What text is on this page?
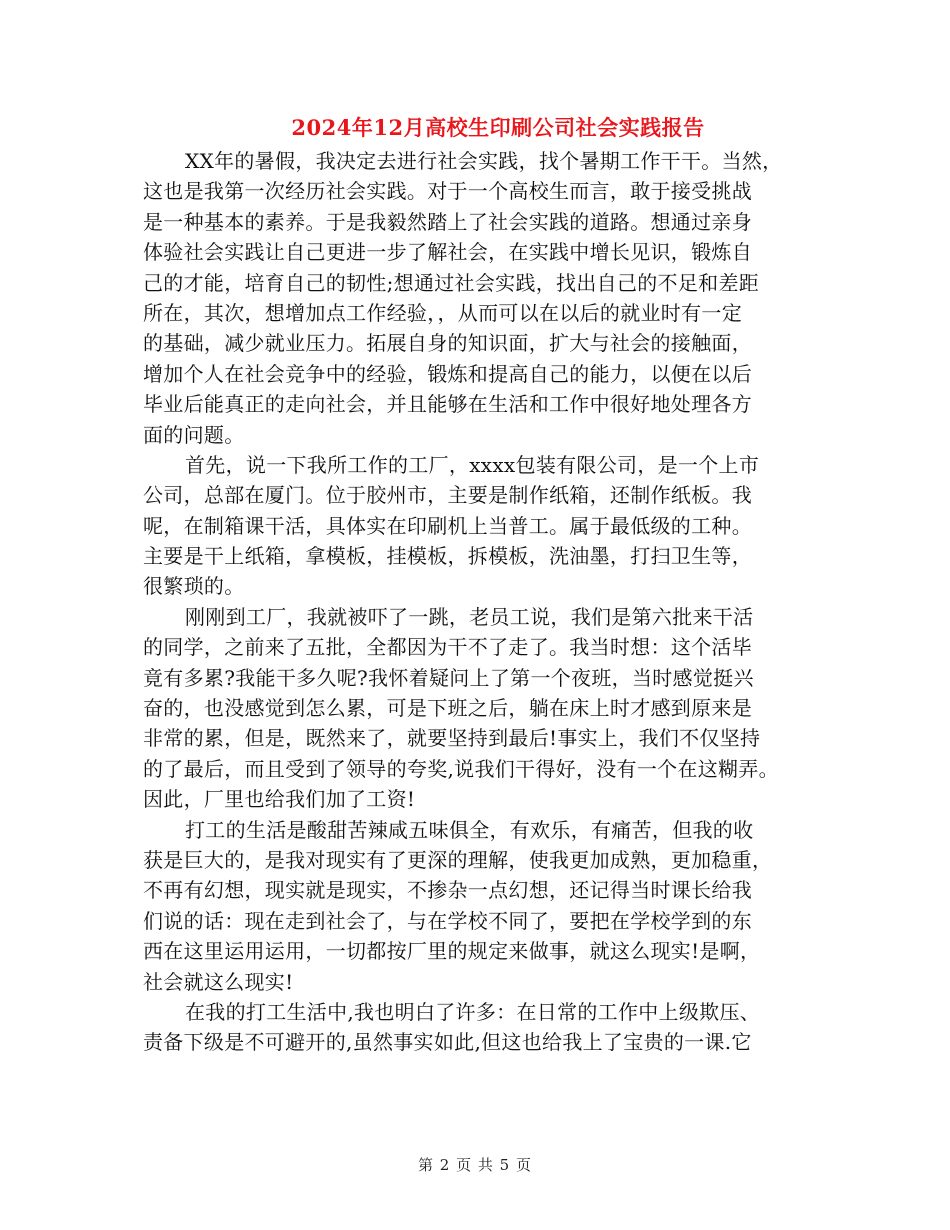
2024年12月高校生印刷公司社会实践报告
XX年的暑假，我决定去进行社会实践，找个暑期工作干干。当然，
这也是我第一次经历社会实践。对于一个高校生而言，敢于接受挑战
是一种基本的素养。于是我毅然踏上了社会实践的道路。想通过亲身
体验社会实践让自己更进一步了解社会，在实践中增长见识，锻炼自
己的才能，培育自己的韧性;想通过社会实践，找出自己的不足和差距
所在，其次，想增加点工作经验，，从而可以在以后的就业时有一定
的基础，减少就业压力。拓展自身的知识面，扩大与社会的接触面，
增加个人在社会竞争中的经验，锻炼和提高自己的能力，以便在以后
毕业后能真正的走向社会，并且能够在生活和工作中很好地处理各方
面的问题。
首先，说一下我所工作的工厂，xxxx包装有限公司，是一个上市
公司，总部在厦门。位于胶州市，主要是制作纸箱，还制作纸板。我
呢，在制箱课干活，具体实在印刷机上当普工。属于最低级的工种。
主要是干上纸箱，拿模板，挂模板，拆模板，洗油墨，打扫卫生等，
很繁琐的。
刚刚到工厂，我就被吓了一跳，老员工说，我们是第六批来干活
的同学，之前来了五批，全都因为干不了走了。我当时想：这个活毕
竟有多累?我能干多久呢?我怀着疑问上了第一个夜班，当时感觉挺兴
奋的，也没感觉到怎么累，可是下班之后，躺在床上时才感到原来是
非常的累，但是，既然来了，就要坚持到最后!事实上，我们不仅坚持
的了最后，而且受到了领导的夸奖,说我们干得好，没有一个在这糊弄。
因此，厂里也给我们加了工资!
打工的生活是酸甜苦辣咸五味俱全，有欢乐，有痛苦，但我的收
获是巨大的，是我对现实有了更深的理解，使我更加成熟，更加稳重，
不再有幻想，现实就是现实，不掺杂一点幻想，还记得当时课长给我
们说的话：现在走到社会了，与在学校不同了，要把在学校学到的东
西在这里运用运用，一切都按厂里的规定来做事，就这么现实!是啊，
社会就这么现实!
在我的打工生活中,我也明白了许多：在日常的工作中上级欺压、
责备下级是不可避开的,虽然事实如此,但这也给我上了宝贵的一课.它
第 2 页 共 5 页
